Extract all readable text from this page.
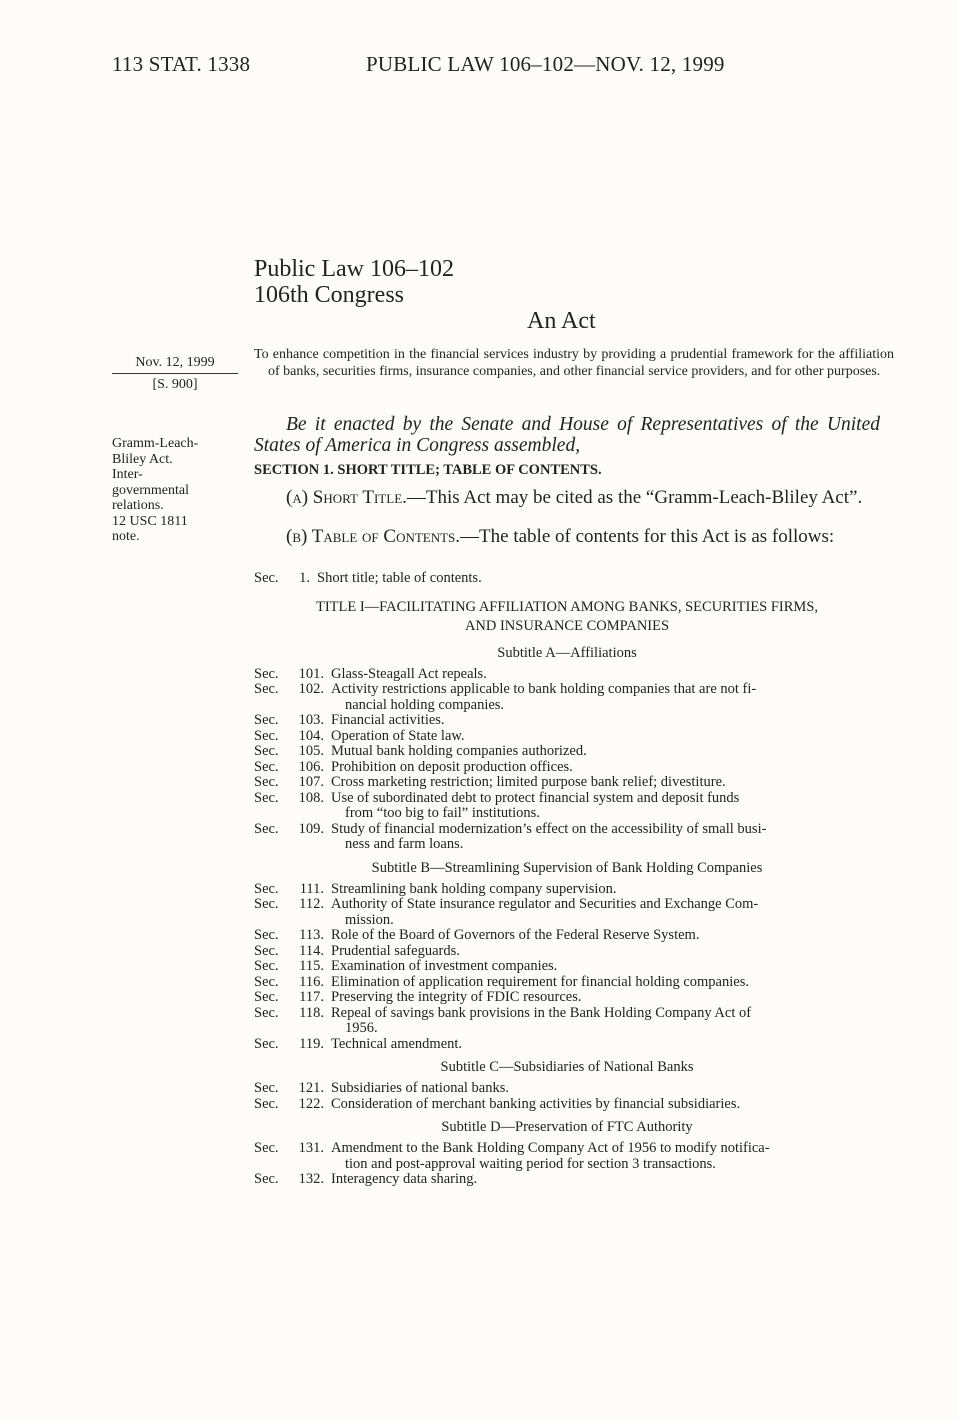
113 STAT. 1338	PUBLIC LAW 106–102—NOV. 12, 1999
Public Law 106–102
106th Congress
An Act
Nov. 12, 1999
[S. 900]
Gramm-Leach-
Bliley Act.
Inter-
governmental
relations.
12 USC 1811
note.
To enhance competition in the financial services industry by providing a prudential framework for the affiliation of banks, securities firms, insurance companies, and other financial service providers, and for other purposes.
Be it enacted by the Senate and House of Representatives of the United States of America in Congress assembled,
SECTION 1. SHORT TITLE; TABLE OF CONTENTS.
(a) Short Title.—This Act may be cited as the “Gramm-Leach-Bliley Act”.
(b) Table of Contents.—The table of contents for this Act is as follows:
Sec.	1. Short title; table of contents.
TITLE I—FACILITATING AFFILIATION AMONG BANKS, SECURITIES FIRMS,
AND INSURANCE COMPANIES
Subtitle A—Affiliations
Sec.	101. Glass-Steagall Act repeals.
Sec.	102. Activity restrictions applicable to bank holding companies that are not fi-
nancial holding companies.
Sec.	103. Financial activities.
Sec.	104. Operation of State law.
Sec.	105. Mutual bank holding companies authorized.
Sec.	106. Prohibition on deposit production offices.
Sec.	107. Cross marketing restriction; limited purpose bank relief; divestiture.
Sec.	108. Use of subordinated debt to protect financial system and deposit funds
from “too big to fail” institutions.
Sec.	109. Study of financial modernization’s effect on the accessibility of small busi-
ness and farm loans.
Subtitle B—Streamlining Supervision of Bank Holding Companies
Sec.	111. Streamlining bank holding company supervision.
Sec.	112. Authority of State insurance regulator and Securities and Exchange Com-
mission.
Sec.	113. Role of the Board of Governors of the Federal Reserve System.
Sec.	114. Prudential safeguards.
Sec.	115. Examination of investment companies.
Sec.	116. Elimination of application requirement for financial holding companies.
Sec.	117. Preserving the integrity of FDIC resources.
Sec.	118. Repeal of savings bank provisions in the Bank Holding Company Act of
1956.
Sec.	119. Technical amendment.
Subtitle C—Subsidiaries of National Banks
Sec.	121. Subsidiaries of national banks.
Sec.	122. Consideration of merchant banking activities by financial subsidiaries.
Subtitle D—Preservation of FTC Authority
Sec.	131. Amendment to the Bank Holding Company Act of 1956 to modify notifica-
tion and post-approval waiting period for section 3 transactions.
Sec.	132. Interagency data sharing.
